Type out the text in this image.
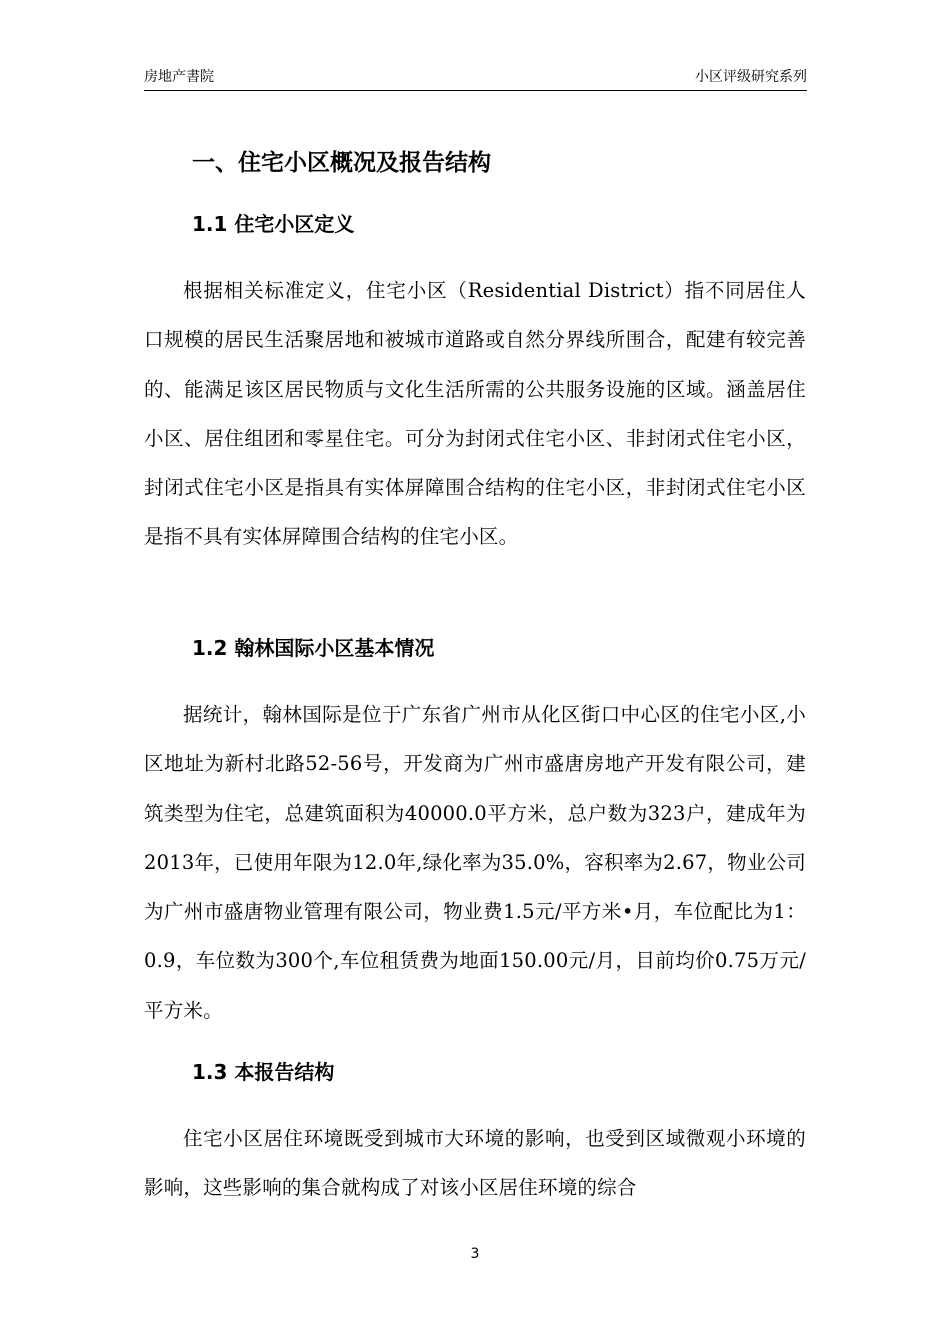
房地产書院	小区评级研究系列
一、住宅小区概况及报告结构
1.1 住宅小区定义

根据相关标准定义，住宅小区（Residential District）指不同居住人口规模的居民生活聚居地和被城市道路或自然分界线所围合，配建有较完善的、能满足该区居民物质与文化生活所需的公共服务设施的区域。涵盖居住小区、居住组团和零星住宅。可分为封闭式住宅小区、非封闭式住宅小区，封闭式住宅小区是指具有实体屏障围合结构的住宅小区，非封闭式住宅小区是指不具有实体屏障围合结构的住宅小区。

1.2 翰林国际小区基本情况

据统计，翰林国际是位于广东省广州市从化区街口中心区的住宅小区,小区地址为新村北路52-56号，开发商为广州市盛唐房地产开发有限公司，建筑类型为住宅，总建筑面积为40000.0平方米，总户数为323户，建成年为2013年，已使用年限为12.0年,绿化率为35.0%，容积率为2.67，物业公司为广州市盛唐物业管理有限公司，物业费1.5元/平方米•月，车位配比为1：0.9，车位数为300个,车位租赁费为地面150.00元/月，目前均价0.75万元/平方米。

1.3 本报告结构

住宅小区居住环境既受到城市大环境的影响，也受到区域微观小环境的影响，这些影响的集合就构成了对该小区居住环境的综合

3
